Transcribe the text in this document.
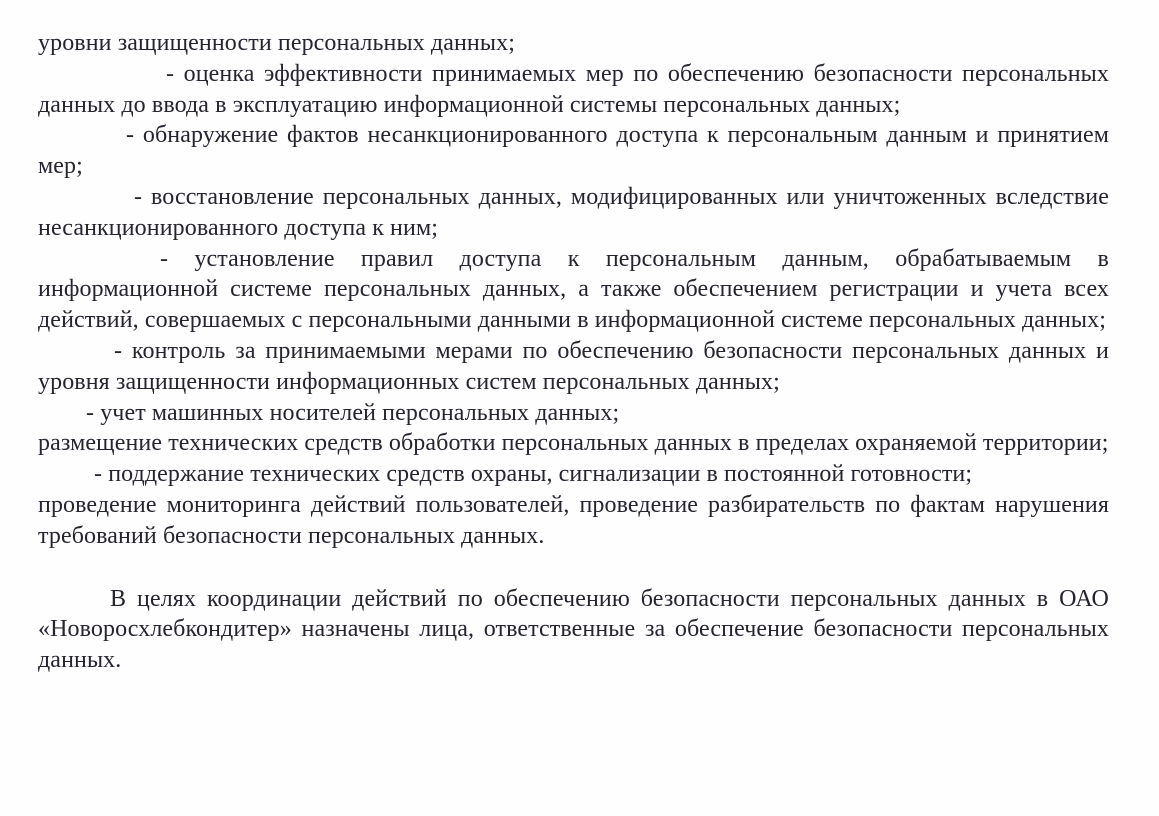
уровни защищенности персональных данных;

- оценка эффективности принимаемых мер по обеспечению безопасности персональных данных до ввода в эксплуатацию информационной системы персональных данных;

- обнаружение фактов несанкционированного доступа к персональным данным и принятием мер;

- восстановление персональных данных, модифицированных или уничтоженных вследствие несанкционированного доступа к ним;

- установление правил доступа к персональным данным, обрабатываемым в информационной системе персональных данных, а также обеспечением регистрации и учета всех действий, совершаемых с персональными данными в информационной системе персональных данных;

- контроль за принимаемыми мерами по обеспечению безопасности персональных данных и уровня защищенности информационных систем персональных данных;

- учет машинных носителей персональных данных;

размещение технических средств обработки персональных данных в пределах охраняемой территории;

- поддержание технических средств охраны, сигнализации в постоянной готовности;

проведение мониторинга действий пользователей, проведение разбирательств по фактам нарушения требований безопасности персональных данных.

В целях координации действий по обеспечению безопасности персональных данных в ОАО «Новоросхлебкондитер» назначены лица, ответственные за обеспечение безопасности персональных данных.
